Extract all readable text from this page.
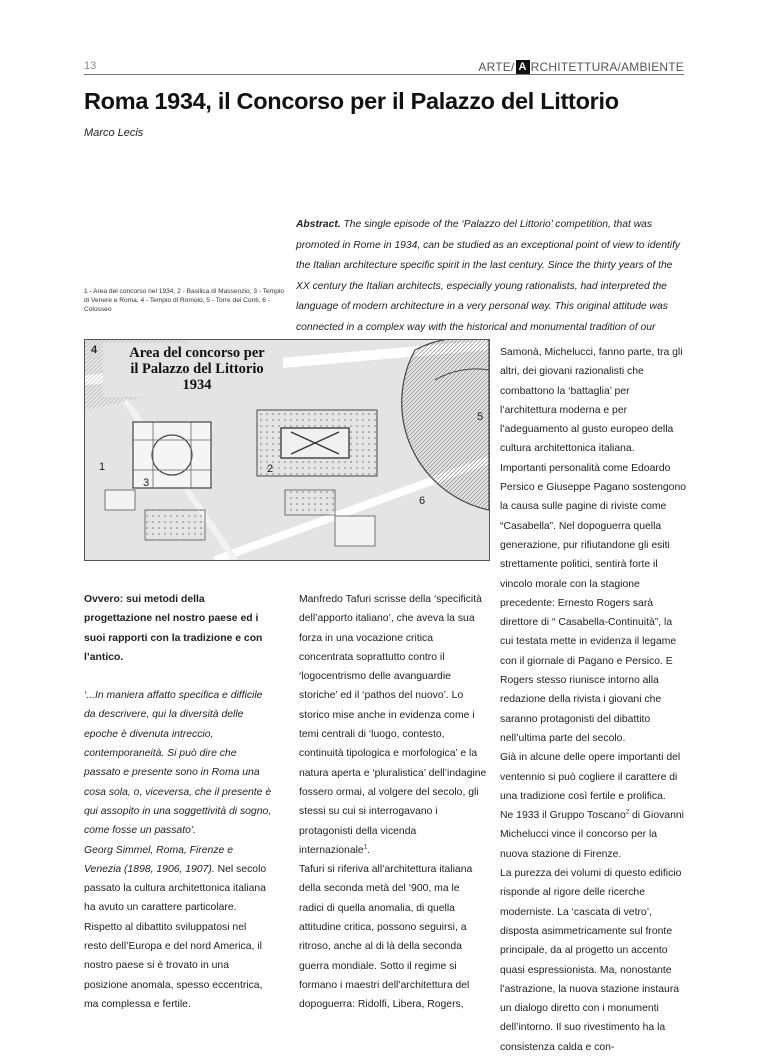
13	ARTE/ A RCHITETTURA/AMBIENTE
Roma 1934, il Concorso per il Palazzo del Littorio
Marco Lecis
Abstract. The single episode of the ‘Palazzo del Littorio’ competition, that was promoted in Rome in 1934, can be studied as an exceptional point of view to identify the Italian architecture specific spirit in the last century. Since the thirty years of the XX century the Italian architects, especially young rationalists, had interpreted the language of modern architecture in a very personal way. This original attitude was connected in a complex way with the historical and monumental tradition of our
1 - Area del concorso nel 1934, 2 - Basilica di Massenzio, 3 - Tempio di Venere e Roma, 4 - Tempio di Romolo, 5 - Torre dei Conti, 6 -Colosseo
Area del concorso per
il Palazzo del Littorio
1934
4
5
2
1
3
6

Ovvero: sui metodi della progettazione nel nostro paese ed i suoi rapporti con la tradizione e con l’antico.

‘...In maniera affatto specifica e difficile da descrivere, qui la diversità delle epoche è divenuta intreccio, contemporaneità. Si può dire che passato e presente sono in Roma una cosa sola, o, viceversa, che il presente è qui assopito in una soggettività di sogno, come fosse un passato’.
Georg Simmel, Roma, Firenze e Venezia (1898, 1906, 1907). Nel secolo passato la cultura architettonica italiana ha avuto un carattere particolare. Rispetto al dibattito sviluppatosi nel resto dell’Europa e del nord America, il nostro paese si è trovato in una posizione anomala, spesso eccentrica, ma complessa e fertile.

Manfredo Tafuri scrisse della ‘specificità dell’apporto italiano’, che aveva la sua forza in una vocazione critica concentrata soprattutto contro il ‘logocentrismo delle avanguardie storiche’ ed il ‘pathos del nuovo’. Lo storico mise anche in evidenza come i temi centrali di ‘luogo, contesto, continuità tipologica e morfologica’ e la natura aperta e ‘pluralistica’ dell’indagine fossero ormai, al volgere del secolo, gli stessi su cui si interrogavano i protagonisti della vicenda internazionale$^1$.

Tafuri si riferiva all’architettura italiana della seconda metà del ‘900, ma le radici di quella anomalia, di quella attitudine critica, possono seguirsi, a ritroso, anche al di là della seconda guerra mondiale. Sotto il regime si formano i maestri dell’architettura del dopoguerra: Ridolfi, Libera, Rogers,

Samonà, Michelucci, fanno parte, tra gli altri, dei giovani razionalisti che combattono la ‘battaglia’ per l’architettura moderna e per l’adeguamento al gusto europeo della cultura architettonica italiana.

Importanti personalità come Edoardo Persico e Giuseppe Pagano sostengono la causa sulle pagine di riviste come “Casabella”. Nel dopoguerra quella generazione, pur rifiutandone gli esiti strettamente politici, sentirà forte il vincolo morale con la stagione precedente: Ernesto Rogers sarà direttore di “ Casabella-Continuità”, la cui testata mette in evidenza il legame con il giornale di Pagano e Persico. E Rogers stesso riunisce intorno alla redazione della rivista i giovani che saranno protagonisti del dibattito nell’ultima parte del secolo.

Già in alcune delle opere importanti del ventennio si può cogliere il carattere di una tradizione così fertile e prolifica.

Ne 1933 il Gruppo Toscano$^2$ di Giovanni Michelucci vince il concorso per la nuova stazione di Firenze.

La purezza dei volumi di questo edificio risponde al rigore delle ricerche moderniste. La ‘cascata di vetro’, disposta asimmetricamente sul fronte principale, da al progetto un accento quasi espressionista. Ma, nonostante l’astrazione, la nuova stazione instaura un dialogo diretto con i monumenti dell’intorno. Il suo rivestimento ha la consistenza calda e con-
